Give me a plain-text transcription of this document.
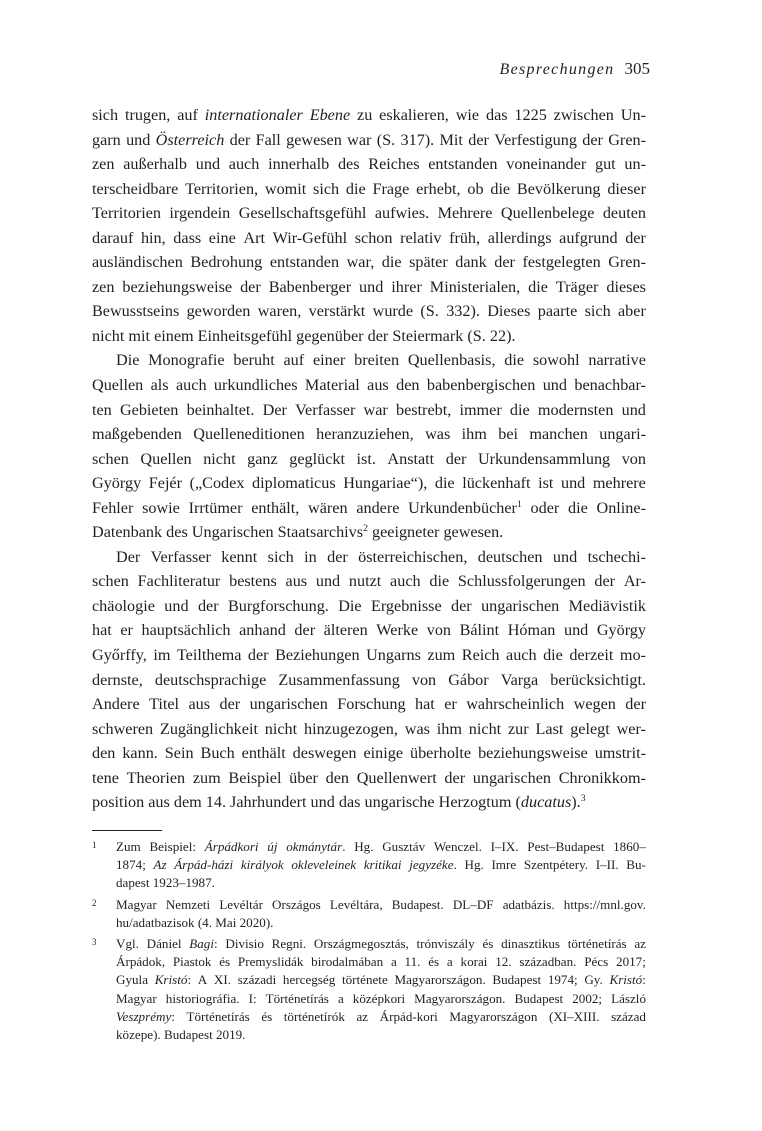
Besprechungen 305
sich trugen, auf internationaler Ebene zu eskalieren, wie das 1225 zwischen Un-
garn und Österreich der Fall gewesen war (S. 317). Mit der Verfestigung der Gren-
zen außerhalb und auch innerhalb des Reiches entstanden voneinander gut un-
terscheidbare Territorien, womit sich die Frage erhebt, ob die Bevölkerung dieser
Territorien irgendein Gesellschaftsgefühl aufwies. Mehrere Quellenbelege deuten
darauf hin, dass eine Art Wir-Gefühl schon relativ früh, allerdings aufgrund der
ausländischen Bedrohung entstanden war, die später dank der festgelegten Gren-
zen beziehungsweise der Babenberger und ihrer Ministerialen, die Träger dieses
Bewusstseins geworden waren, verstärkt wurde (S. 332). Dieses paarte sich aber
nicht mit einem Einheitsgefühl gegenüber der Steiermark (S. 22).
Die Monografie beruht auf einer breiten Quellenbasis, die sowohl narrative
Quellen als auch urkundliches Material aus den babenbergischen und benachbar-
ten Gebieten beinhaltet. Der Verfasser war bestrebt, immer die modernsten und
maßgebenden Quelleneditionen heranzuziehen, was ihm bei manchen ungari-
schen Quellen nicht ganz geglückt ist. Anstatt der Urkundensammlung von
György Fejér („Codex diplomaticus Hungariae“), die lückenhaft ist und mehrere
Fehler sowie Irrtümer enthält, wären andere Urkundenbücher$^1$ oder die Online-
Datenbank des Ungarischen Staatsarchivs$^2$ geeigneter gewesen.
Der Verfasser kennt sich in der österreichischen, deutschen und tschechi-
schen Fachliteratur bestens aus und nutzt auch die Schlussfolgerungen der Ar-
chäologie und der Burgforschung. Die Ergebnisse der ungarischen Mediävistik
hat er hauptsächlich anhand der älteren Werke von Bálint Hóman und György
Győrffy, im Teilthema der Beziehungen Ungarns zum Reich auch die derzeit mo-
dernste, deutschsprachige Zusammenfassung von Gábor Varga berücksichtigt.
Andere Titel aus der ungarischen Forschung hat er wahrscheinlich wegen der
schweren Zugänglichkeit nicht hinzugezogen, was ihm nicht zur Last gelegt wer-
den kann. Sein Buch enthält deswegen einige überholte beziehungsweise umstrit-
tene Theorien zum Beispiel über den Quellenwert der ungarischen Chronikkom-
position aus dem 14. Jahrhundert und das ungarische Herzogtum (ducatus).$^3$
1 Zum Beispiel: Árpádkori új okmánytár. Hg. Gusztáv Wenczel. I–IX. Pest–Budapest 1860–
1874; Az Árpád-házi királyok okleveleinek kritikai jegyzéke. Hg. Imre Szentpétery. I–II. Bu-
dapest 1923–1987.
2 Magyar Nemzeti Levéltár Országos Levéltára, Budapest. DL–DF adatbázis. https://mnl.gov.
hu/adatbazisok (4. Mai 2020).
3 Vgl. Dániel Bagi: Divisio Regni. Országmegosztás, trónviszály és dinasztikus történetírás az
Árpádok, Piastok és Premyslidák birodalmában a 11. és a korai 12. században. Pécs 2017;
Gyula Kristó: A XI. századi hercegség története Magyarországon. Budapest 1974; Gy. Kristó:
Magyar historiográfia. I: Történetírás a középkori Magyarországon. Budapest 2002; László
Veszprémy: Történetírás és történetírók az Árpád-kori Magyarországon (XI–XIII. század
közepe). Budapest 2019.
